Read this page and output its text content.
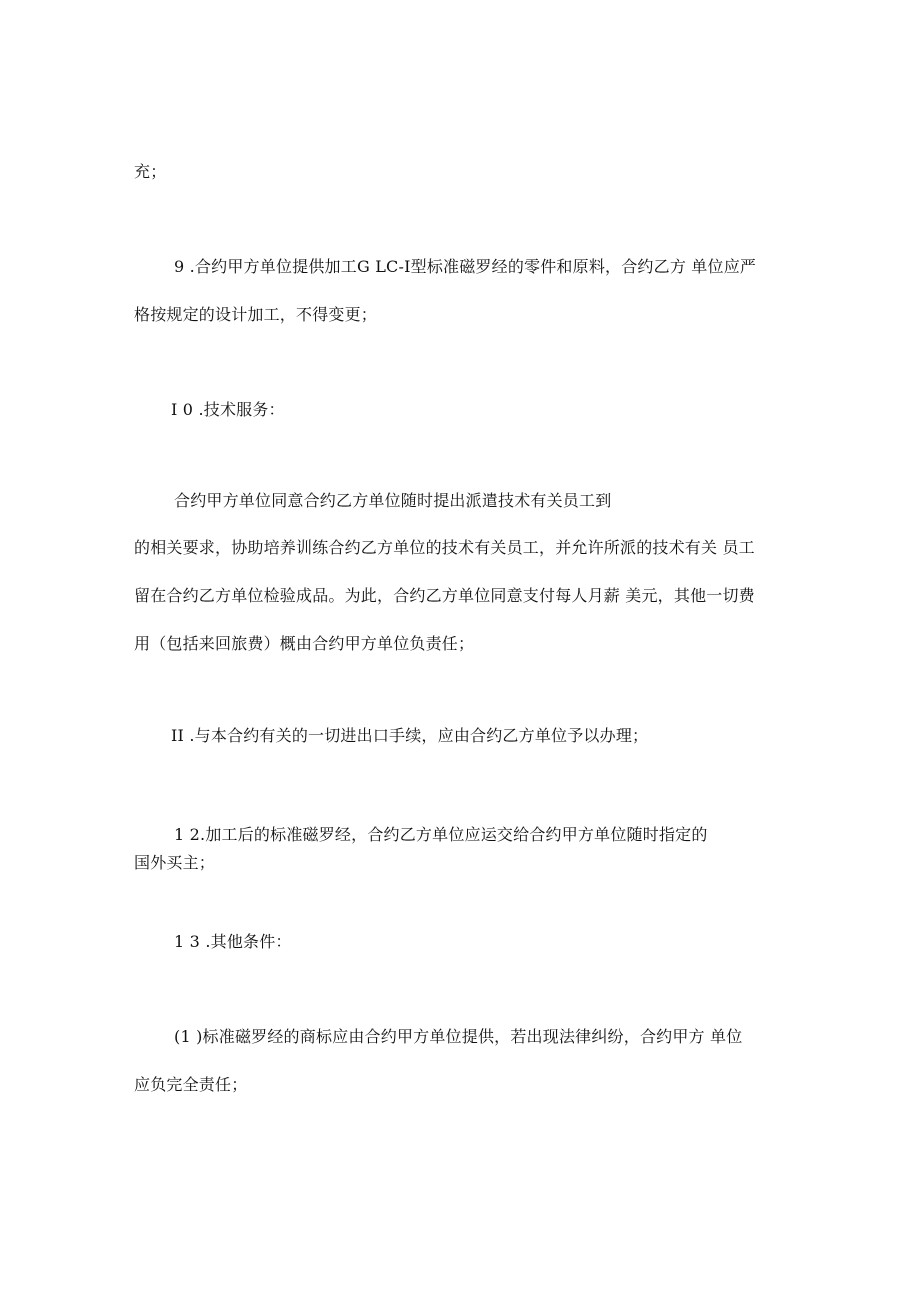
充；
9 .合约甲方单位提供加工G LC-I型标准磁罗经的零件和原料，合约乙方 单位应严
格按规定的设计加工，不得变更；
I 0 .技术服务：
合约甲方单位同意合约乙方单位随时提出派遣技术有关员工到
的相关要求，协助培养训练合约乙方单位的技术有关员工，并允许所派的技术有关 员工
留在合约乙方单位检验成品。为此，合约乙方单位同意支付每人月薪 美元，其他一切费
用（包括来回旅费）概由合约甲方单位负责任；
II .与本合约有关的一切进出口手续，应由合约乙方单位予以办理；
1 2.加工后的标准磁罗经，合约乙方单位应运交给合约甲方单位随时指定的
国外买主；
1 3 .其他条件：
(1 )标准磁罗经的商标应由合约甲方单位提供，若出现法律纠纷，合约甲方 单位
应负完全责任；
